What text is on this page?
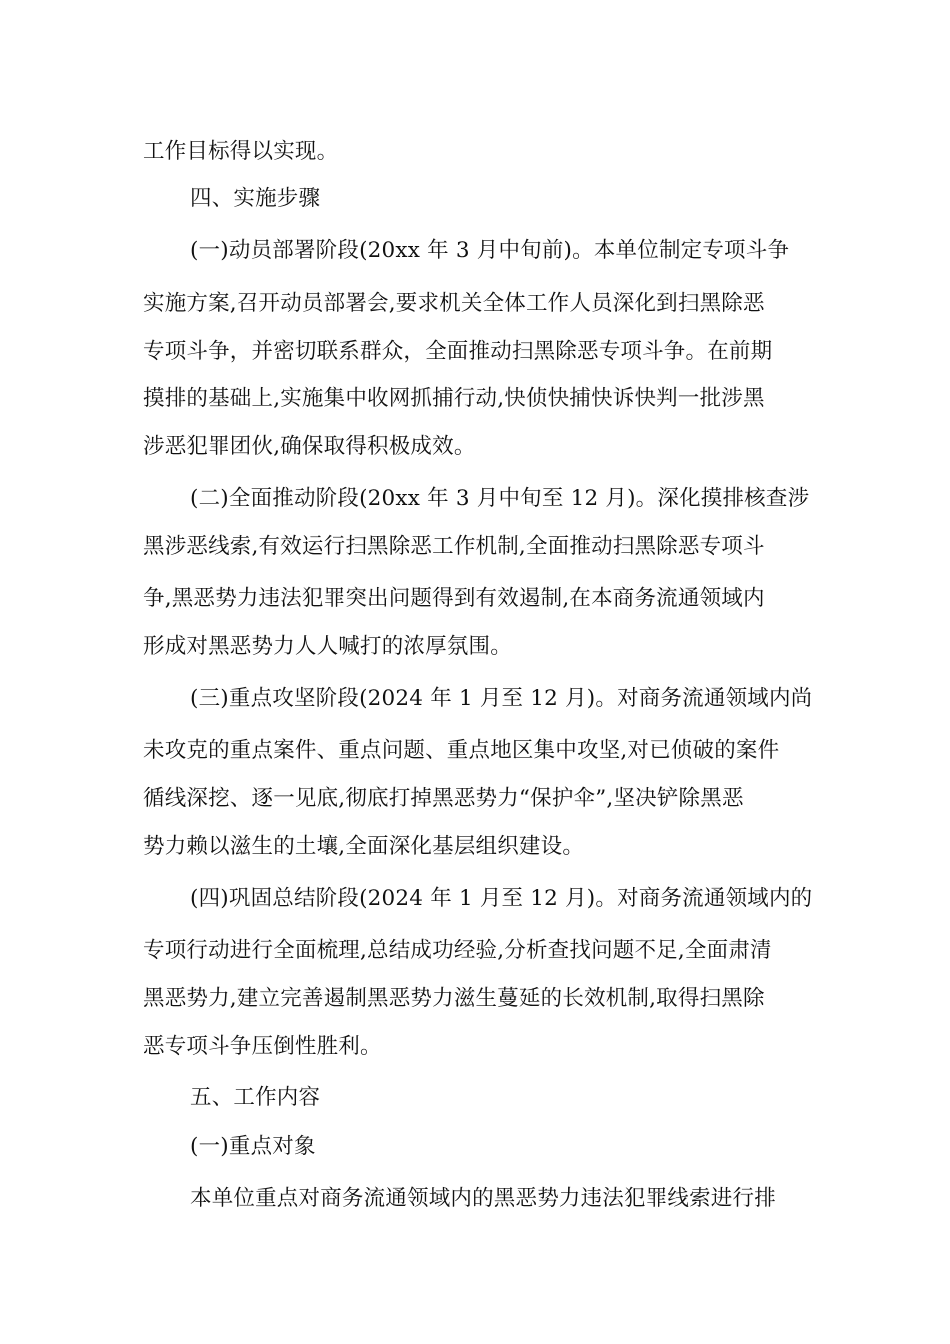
工作目标得以实现。
四、实施步骤
(一)动员部署阶段(20xx 年 3 月中旬前)。本单位制定专项斗争
实施方案,召开动员部署会,要求机关全体工作人员深化到扫黑除恶
专项斗争，并密切联系群众，全面推动扫黑除恶专项斗争。在前期
摸排的基础上,实施集中收网抓捕行动,快侦快捕快诉快判一批涉黑
涉恶犯罪团伙,确保取得积极成效。
(二)全面推动阶段(20xx 年 3 月中旬至 12 月)。深化摸排核查涉
黑涉恶线索,有效运行扫黑除恶工作机制,全面推动扫黑除恶专项斗
争,黑恶势力违法犯罪突出问题得到有效遏制,在本商务流通领域内
形成对黑恶势力人人喊打的浓厚氛围。
(三)重点攻坚阶段(2024 年 1 月至 12 月)。对商务流通领域内尚
未攻克的重点案件、重点问题、重点地区集中攻坚,对已侦破的案件
循线深挖、逐一见底,彻底打掉黑恶势力“保护伞”,坚决铲除黑恶
势力赖以滋生的土壤,全面深化基层组织建设。
(四)巩固总结阶段(2024 年 1 月至 12 月)。对商务流通领域内的
专项行动进行全面梳理,总结成功经验,分析查找问题不足,全面肃清
黑恶势力,建立完善遏制黑恶势力滋生蔓延的长效机制,取得扫黑除
恶专项斗争压倒性胜利。
五、工作内容
(一)重点对象
本单位重点对商务流通领域内的黑恶势力违法犯罪线索进行排
